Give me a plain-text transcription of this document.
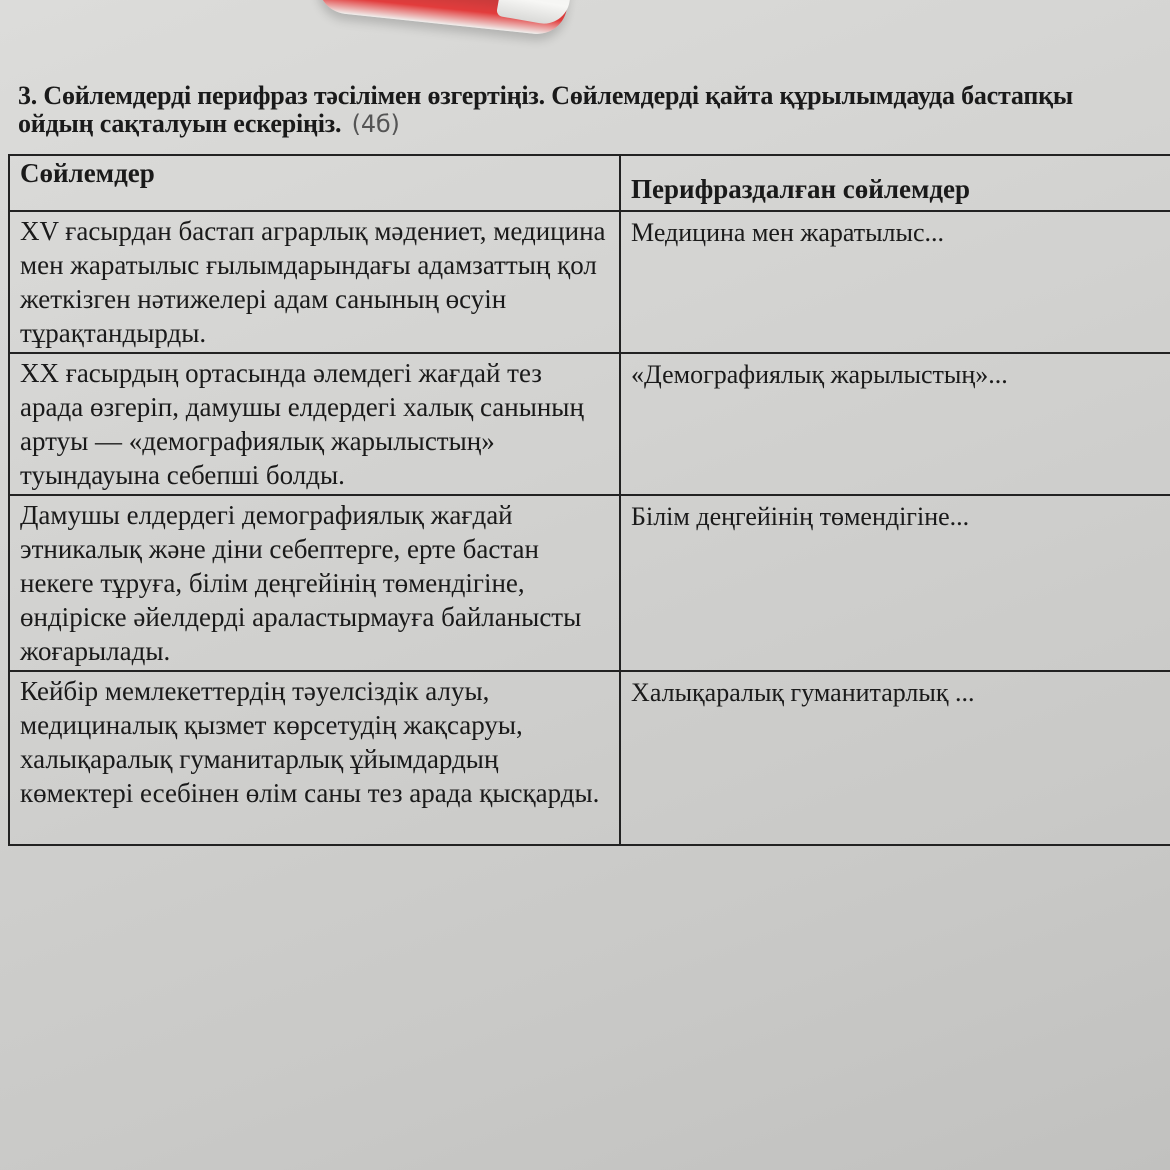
3. Сөйлемдерді перифраз тәсілімен өзгертіңіз. Сөйлемдерді қайта құрылымдауда бастапқы ойдың сақталуын ескеріңіз. (4б)
Сөйлемдер	Перифраздалған сөйлемдер
XV ғасырдан бастап аграрлық мәдениет, медицина мен жаратылыс ғылымдарындағы адамзаттың қол жеткізген нәтижелері адам санының өсуін тұрақтандырды.	Медицина мен жаратылыс...
XX ғасырдың ортасында әлемдегі жағдай тез арада өзгеріп, дамушы елдердегі халық санының артуы — «демографиялық жарылыстың» туындауына себепші болды.	«Демографиялық жарылыстың»...
Дамушы елдердегі демографиялық жағдай этникалық және діни себептерге, ерте бастан некеге тұруға, білім деңгейінің төмендігіне, өндіріске әйелдерді араластырмауға байланысты жоғарылады.	Білім деңгейінің төмендігіне...
Кейбір мемлекеттердің тәуелсіздік алуы, медициналық қызмет көрсетудің жақсаруы, халықаралық гуманитарлық ұйымдардың көмектері есебінен өлім саны тез арада қысқарды.	Халықаралық гуманитарлық ...
